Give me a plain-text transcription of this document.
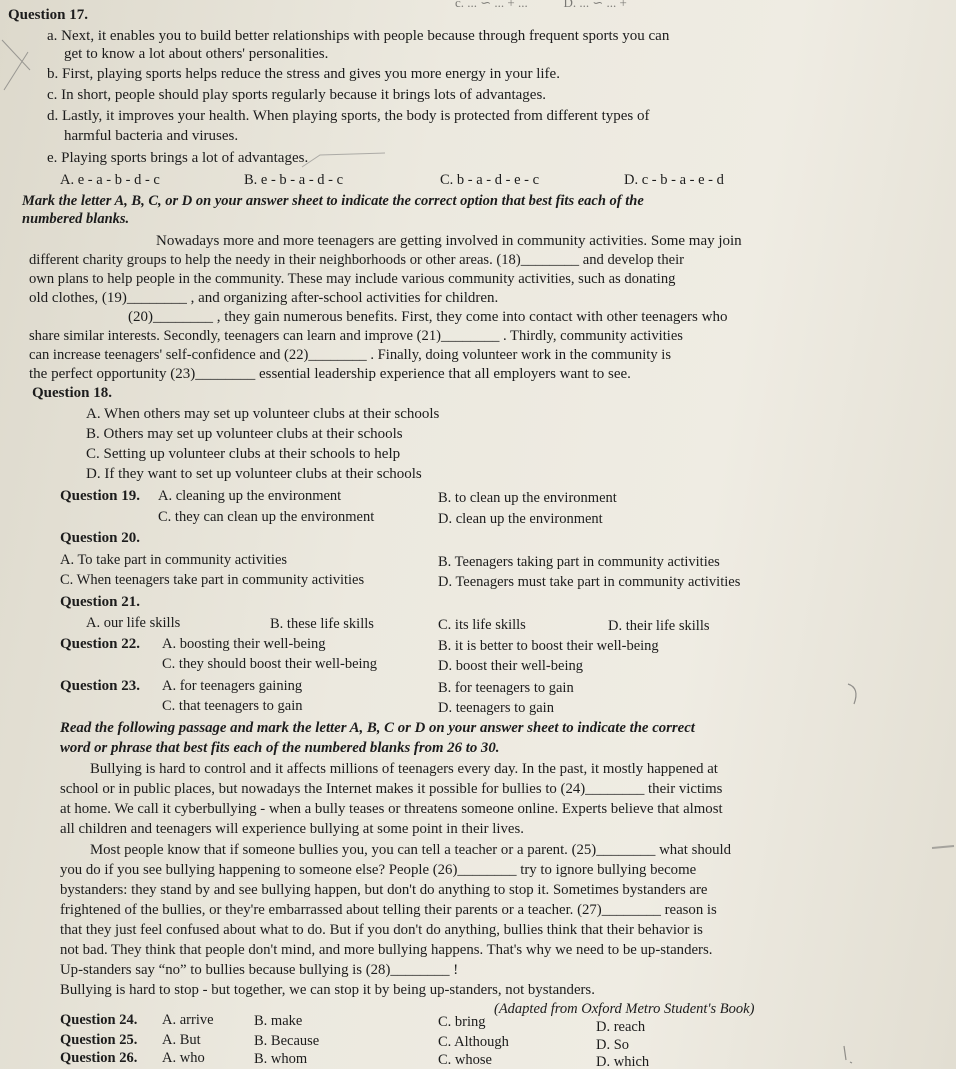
c. ... ∽ ... + ...           D. ... ∽ ... +
Question 17.
a. Next, it enables you to build better relationships with people because through frequent sports you can
get to know a lot about others' personalities.
b. First, playing sports helps reduce the stress and gives you more energy in your life.
c. In short, people should play sports regularly because it brings lots of advantages.
d. Lastly, it improves your health. When playing sports, the body is protected from different types of
harmful bacteria and viruses.
e. Playing sports brings a lot of advantages.
A. e - a - b - d - c	B. e - b - a - d - c	C. b - a - d - e - c	D. c - b - a - e - d
Mark the letter A, B, C, or D on your answer sheet to indicate the correct option that best fits each of the
numbered blanks.
Nowadays more and more teenagers are getting involved in community activities. Some may join
different charity groups to help the needy in their neighborhoods or other areas. (18)________ and develop their
own plans to help people in the community. These may include various community activities, such as donating
old clothes, (19)________ , and organizing after-school activities for children.
(20)________ , they gain numerous benefits. First, they come into contact with other teenagers who
share similar interests. Secondly, teenagers can learn and improve (21)________ . Thirdly, community activities
can increase teenagers' self-confidence and (22)________ . Finally, doing volunteer work in the community is
the perfect opportunity (23)________ essential leadership experience that all employers want to see.
Question 18.
A. When others may set up volunteer clubs at their schools
B. Others may set up volunteer clubs at their schools
C. Setting up volunteer clubs at their schools to help
D. If they want to set up volunteer clubs at their schools
Question 19. A. cleaning up the environment	B. to clean up the environment
C. they can clean up the environment	D. clean up the environment
Question 20.
A. To take part in community activities	B. Teenagers taking part in community activities
C. When teenagers take part in community activities	D. Teenagers must take part in community activities
Question 21.
A. our life skills	B. these life skills	C. its life skills	D. their life skills
Question 22. A. boosting their well-being	B. it is better to boost their well-being
C. they should boost their well-being	D. boost their well-being
Question 23. A. for teenagers gaining	B. for teenagers to gain
C. that teenagers to gain	D. teenagers to gain
Read the following passage and mark the letter A, B, C or D on your answer sheet to indicate the correct
word or phrase that best fits each of the numbered blanks from 26 to 30.
Bullying is hard to control and it affects millions of teenagers every day. In the past, it mostly happened at
school or in public places, but nowadays the Internet makes it possible for bullies to (24)________ their victims
at home. We call it cyberbullying - when a bully teases or threatens someone online. Experts believe that almost
all children and teenagers will experience bullying at some point in their lives.
Most people know that if someone bullies you, you can tell a teacher or a parent. (25)________ what should
you do if you see bullying happening to someone else? People (26)________ try to ignore bullying become
bystanders: they stand by and see bullying happen, but don't do anything to stop it. Sometimes bystanders are
frightened of the bullies, or they're embarrassed about telling their parents or a teacher. (27)________ reason is
that they just feel confused about what to do. But if you don't do anything, bullies think that their behavior is
not bad. They think that people don't mind, and more bullying happens. That's why we need to be up-standers.
Up-standers say “no” to bullies because bullying is (28)________ !
Bullying is hard to stop - but together, we can stop it by being up-standers, not bystanders.
(Adapted from Oxford Metro Student's Book)
Question 24. A. arrive	B. make	C. bring	D. reach
Question 25. A. But	B. Because	C. Although	D. So
Question 26. A. who	B. whom	C. whose	D. which
